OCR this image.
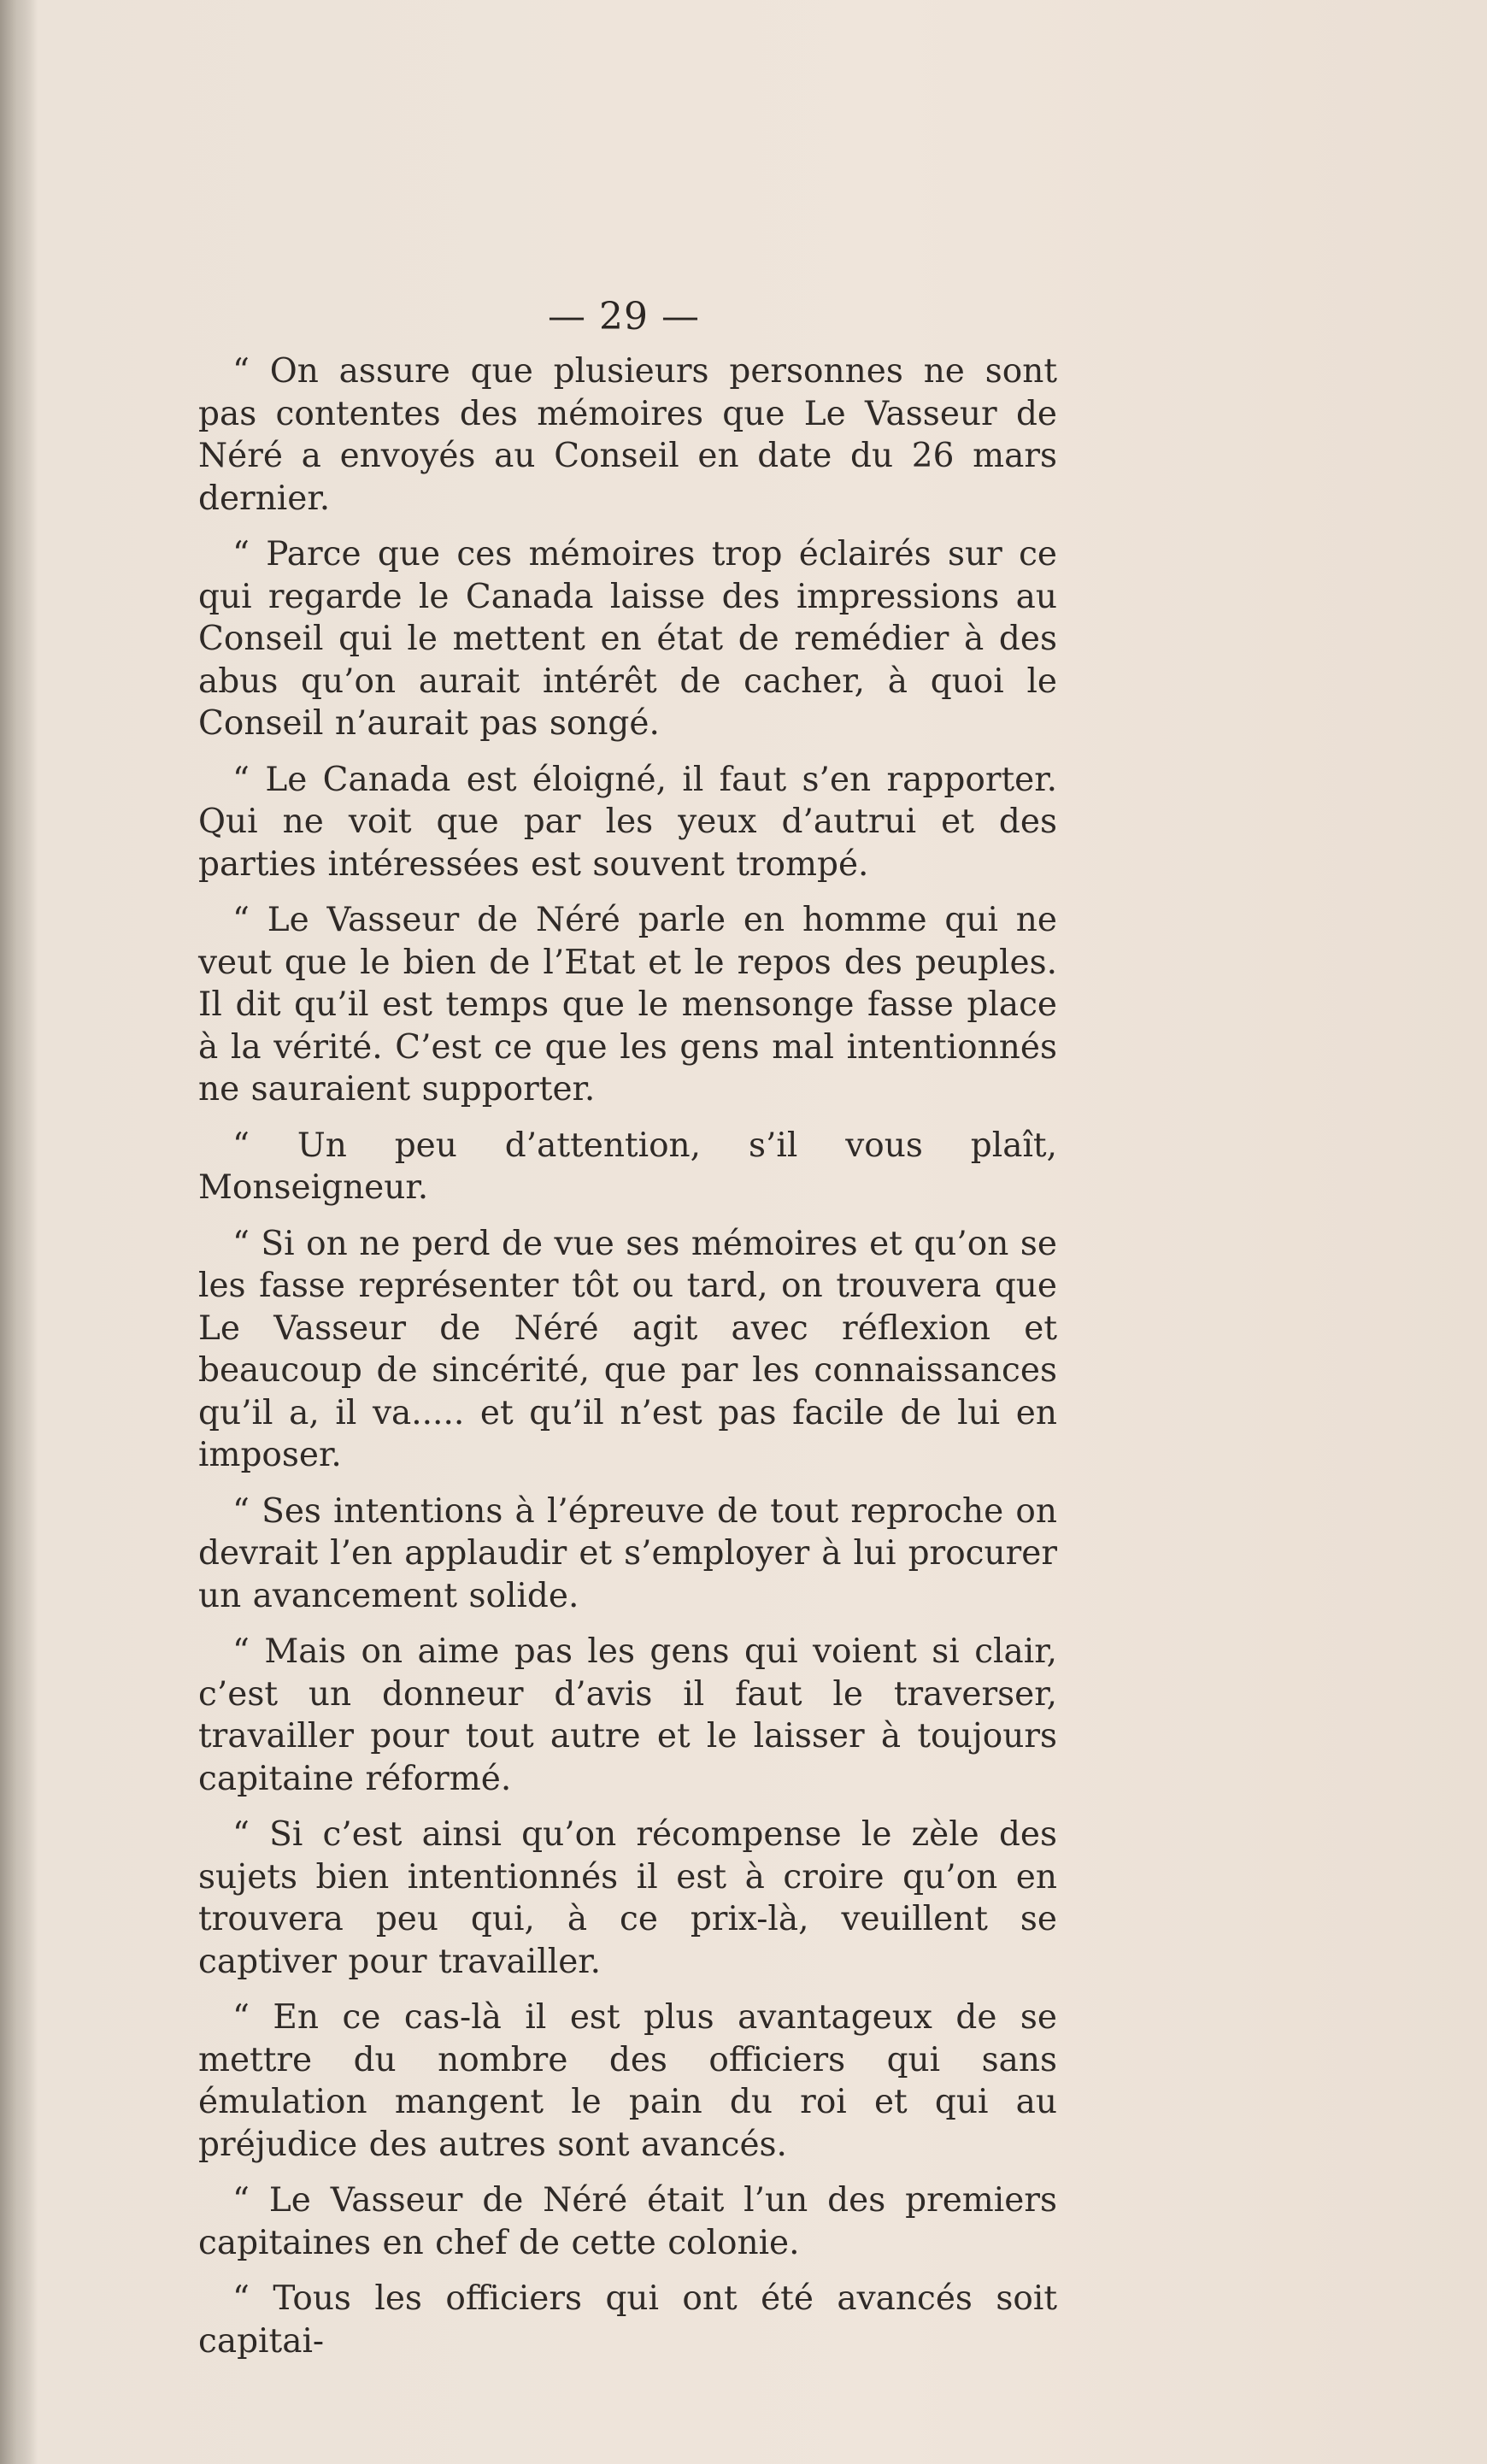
— 29 —

“ On assure que plusieurs personnes ne sont pas contentes des mémoires que Le Vasseur de Néré a envoyés au Conseil en date du 26 mars dernier.

“ Parce que ces mémoires trop éclairés sur ce qui regarde le Canada laisse des impressions au Conseil qui le mettent en état de remédier à des abus qu’on aurait intérêt de cacher, à quoi le Conseil n’aurait pas songé.

“ Le Canada est éloigné, il faut s’en rapporter. Qui ne voit que par les yeux d’autrui et des parties intéressées est souvent trompé.

“ Le Vasseur de Néré parle en homme qui ne veut que le bien de l’Etat et le repos des peuples. Il dit qu’il est temps que le mensonge fasse place à la vérité. C’est ce que les gens mal intentionnés ne sauraient supporter.

“ Un peu d’attention, s’il vous plaît, Monseigneur.

“ Si on ne perd de vue ses mémoires et qu’on se les fasse représenter tôt ou tard, on trouvera que Le Vasseur de Néré agit avec réflexion et beaucoup de sincérité, que par les connaissances qu’il a, il va..... et qu’il n’est pas facile de lui en imposer.

“ Ses intentions à l’épreuve de tout reproche on devrait l’en applaudir et s’employer à lui procurer un avancement solide.

“ Mais on aime pas les gens qui voient si clair, c’est un donneur d’avis il faut le traverser, travailler pour tout autre et le laisser à toujours capitaine réformé.

“ Si c’est ainsi qu’on récompense le zèle des sujets bien intentionnés il est à croire qu’on en trouvera peu qui, à ce prix-là, veuillent se captiver pour travailler.

“ En ce cas-là il est plus avantageux de se mettre du nombre des officiers qui sans émulation mangent le pain du roi et qui au préjudice des autres sont avancés.

“ Le Vasseur de Néré était l’un des premiers capitaines en chef de cette colonie.

“ Tous les officiers qui ont été avancés soit capitai-
